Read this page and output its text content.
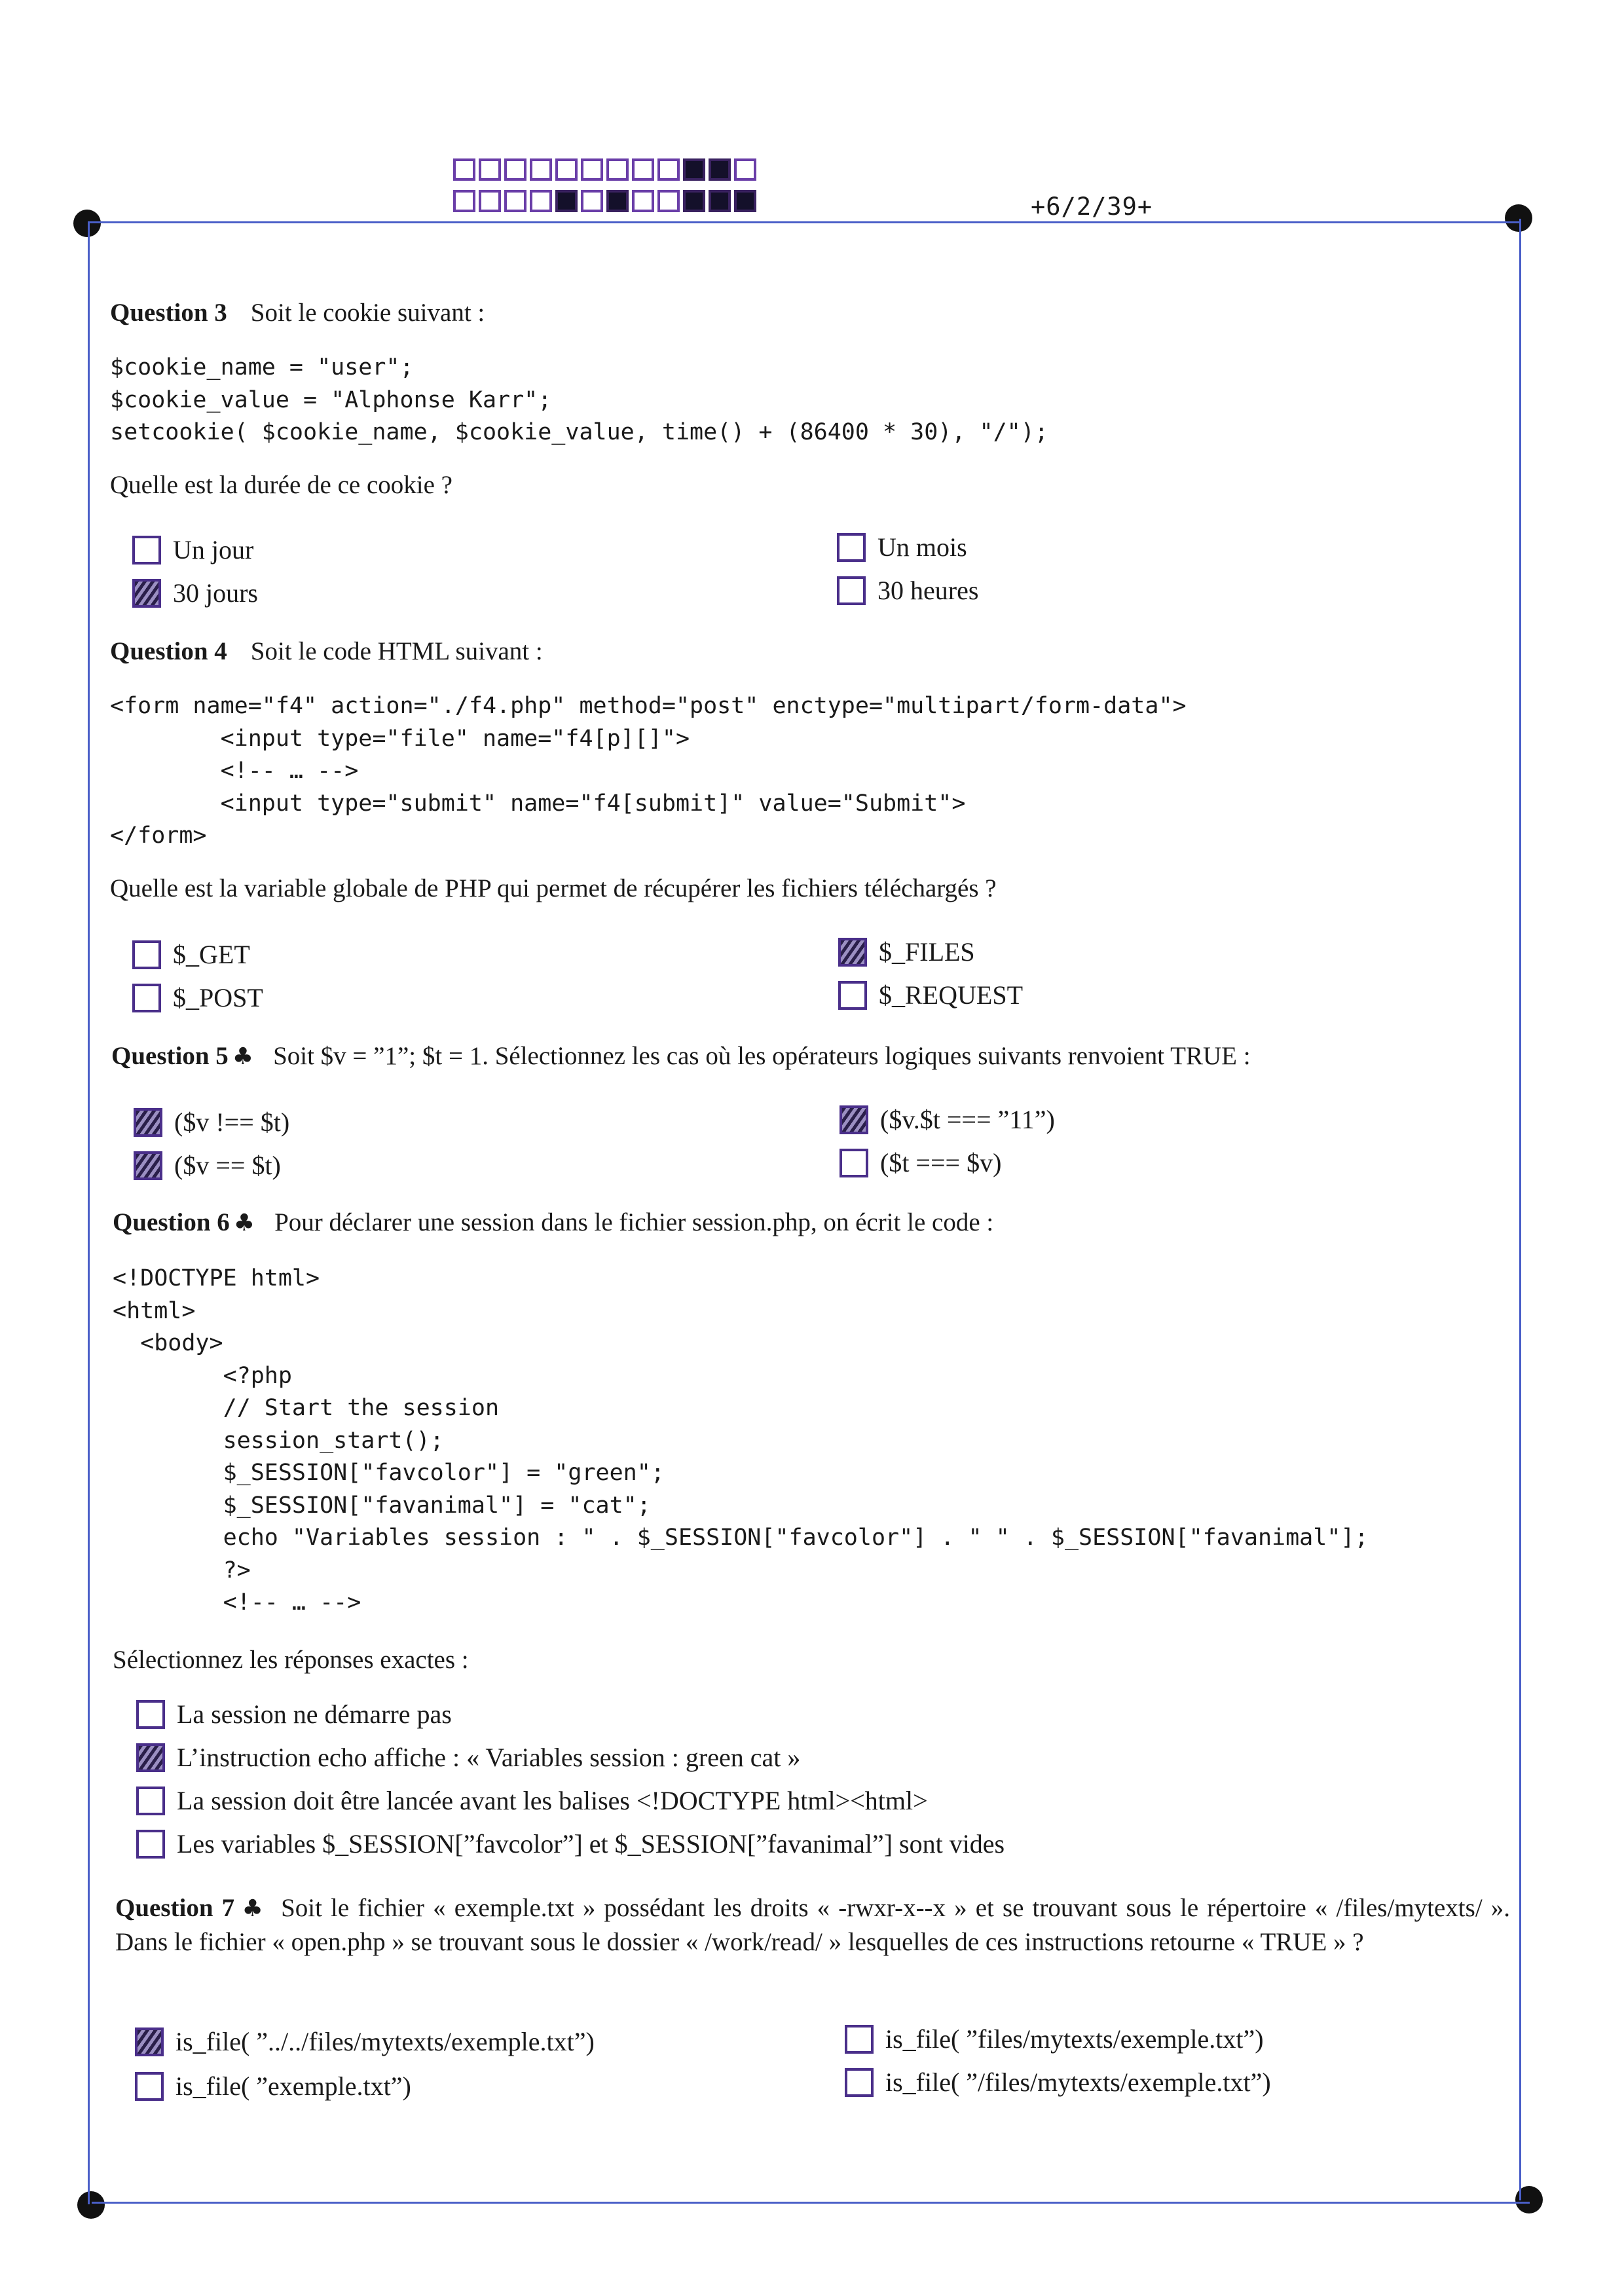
+6/2/39+
Question 3 Soit le cookie suivant :
$cookie_name = "user";
$cookie_value = "Alphonse Karr";
setcookie( $cookie_name, $cookie_value, time() + (86400 * 30), "/");
Quelle est la durée de ce cookie ?
Un jour
30 jours
Un mois
30 heures
Question 4 Soit le code HTML suivant :
<form name="f4" action="./f4.php" method="post" enctype="multipart/form-data">
<input type="file" name="f4[p][]">
<!-- … -->
<input type="submit" name="f4[submit]" value="Submit">
</form>
Quelle est la variable globale de PHP qui permet de récupérer les fichiers téléchargés ?
$_GET
$_POST
$_FILES
$_REQUEST
Question 5 ♣ Soit $v = ”1”; $t = 1. Sélectionnez les cas où les opérateurs logiques suivants renvoient TRUE :
($v !== $t)
($v == $t)
($v.$t === ”11”)
($t === $v)
Question 6 ♣ Pour déclarer une session dans le fichier session.php, on écrit le code :
<!DOCTYPE html>
<html>
<body>
<?php
// Start the session
session_start();
$_SESSION["favcolor"] = "green";
$_SESSION["favanimal"] = "cat";
echo "Variables session : " . $_SESSION["favcolor"] . " " . $_SESSION["favanimal"];
?>
<!-- … -->
Sélectionnez les réponses exactes :
La session ne démarre pas
L’instruction echo affiche : « Variables session : green cat »
La session doit être lancée avant les balises <!DOCTYPE html><html>
Les variables $_SESSION[”favcolor”] et $_SESSION[”favanimal”] sont vides
Question 7 ♣ Soit le fichier « exemple.txt » possédant les droits « -rwxr-x--x » et se trouvant sous le répertoire « /files/mytexts/ ». Dans le fichier « open.php » se trouvant sous le dossier « /work/read/ » lesquelles de ces instructions retourne « TRUE » ?
is_file( ”../../files/mytexts/exemple.txt”)
is_file( ”exemple.txt”)
is_file( ”files/mytexts/exemple.txt”)
is_file( ”/files/mytexts/exemple.txt”)
